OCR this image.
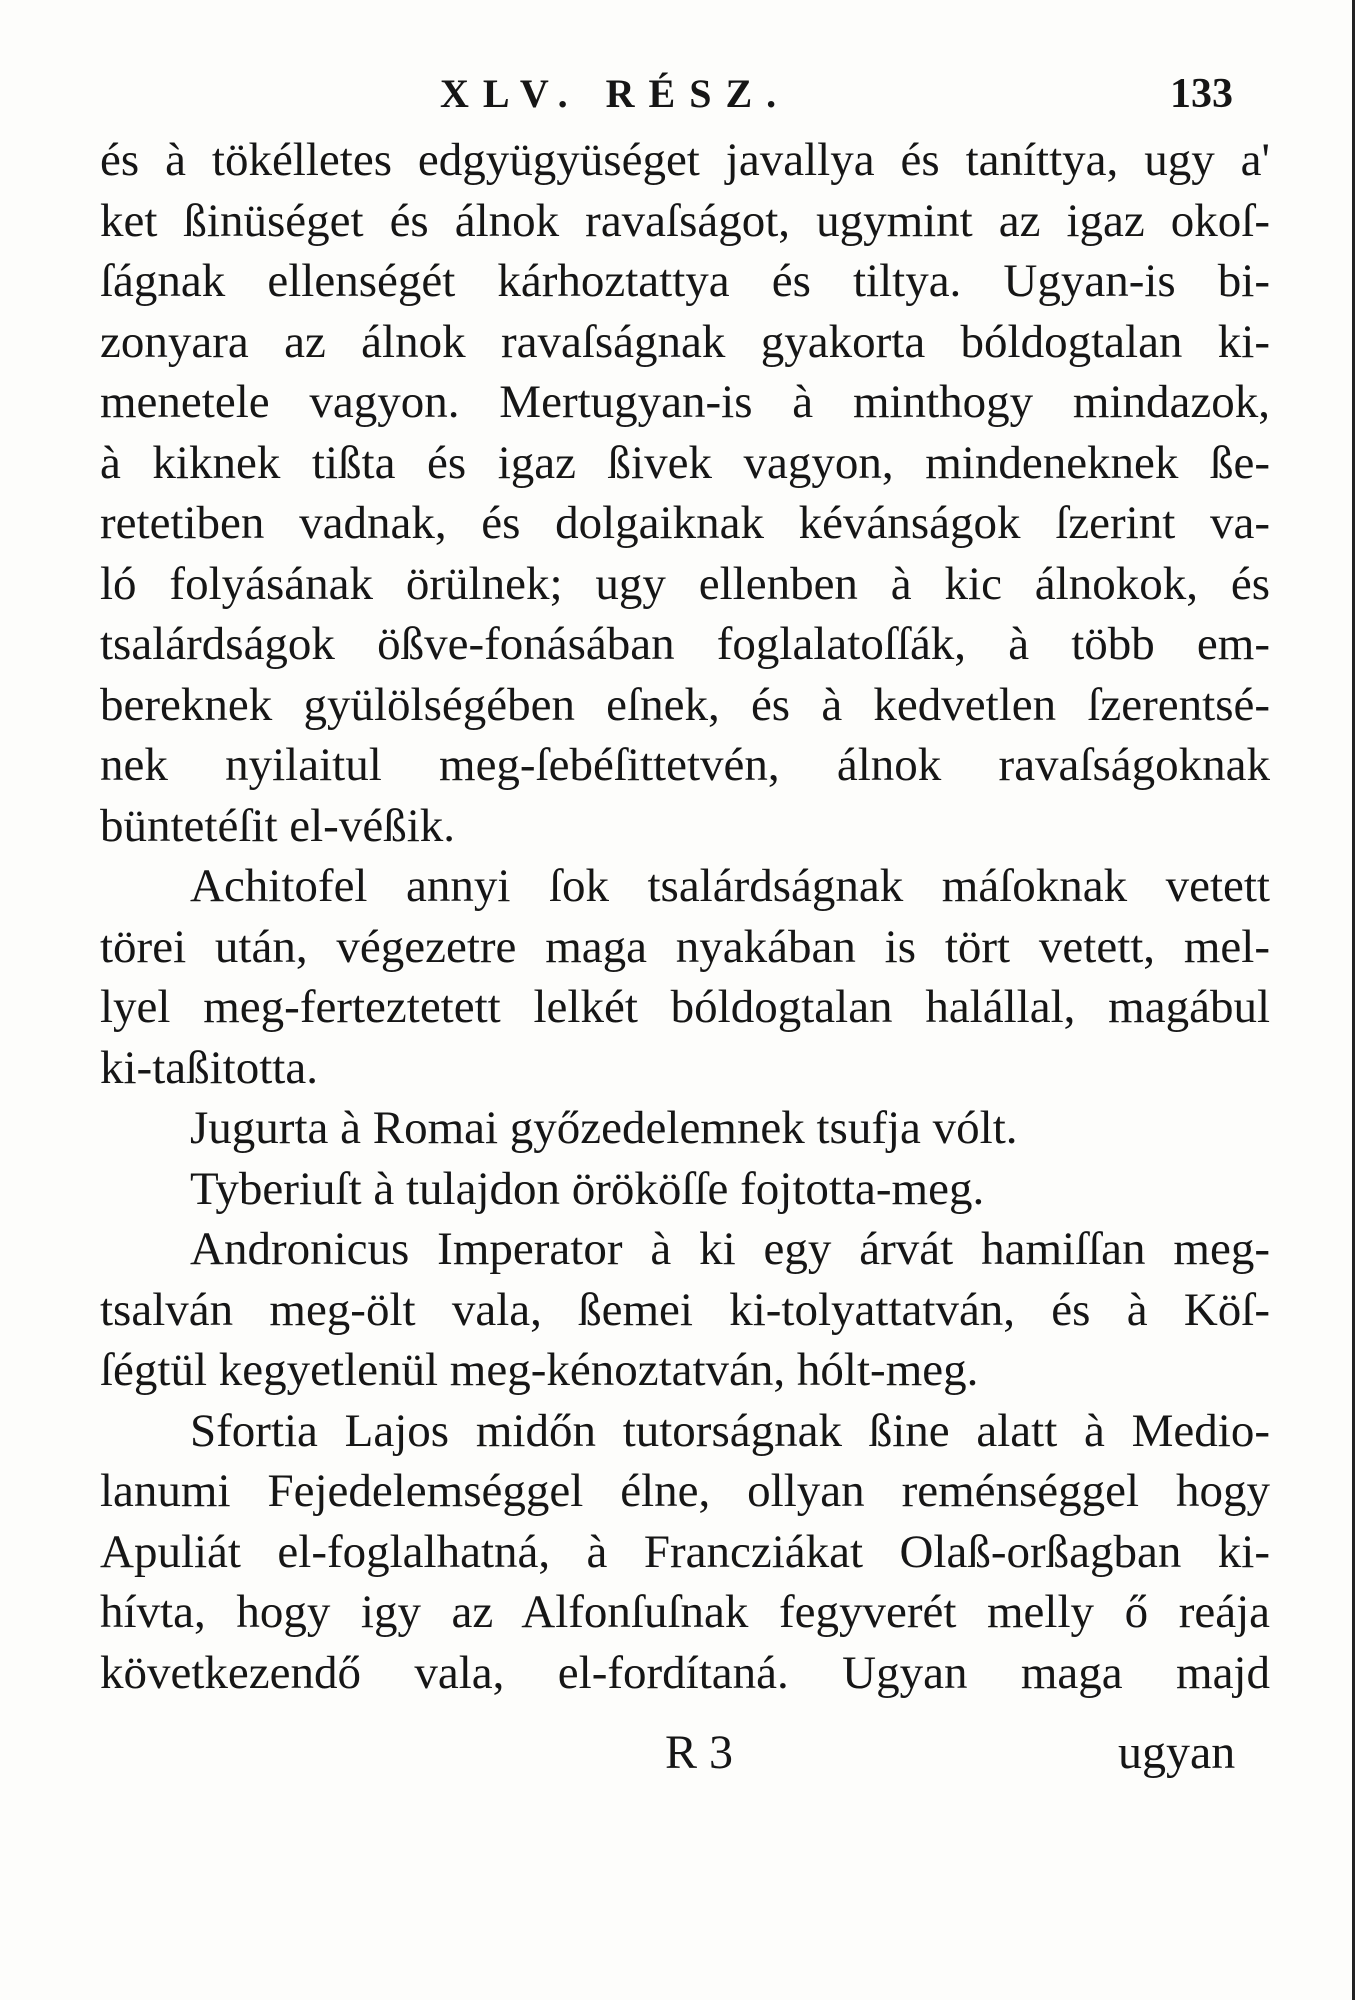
XLV. RÉSZ.	133
és à tökélletes edgyügyüséget javallya és taníttya, ugy a'
ket ßinüséget és álnok ravaſságot, ugymint az igaz okoſ-
ſágnak ellenségét kárhoztattya és tiltya. Ugyan-is bi-
zonyara az álnok ravaſságnak gyakorta bóldogtalan ki-
menetele vagyon. Mertugyan-is à minthogy mindazok,
à kiknek tißta és igaz ßivek vagyon, mindeneknek ße-
retetiben vadnak, és dolgaiknak kévánságok ſzerint va-
ló folyásának örülnek; ugy ellenben à kic álnokok, és
tsalárdságok ößve-fonásában foglalatoſſák, à több em-
bereknek gyülölségében eſnek, és à kedvetlen ſzerentsé-
nek nyilaitul meg-ſebéſittetvén, álnok ravaſságoknak
büntetéſit el-véßik.
Achitofel annyi ſok tsalárdságnak máſoknak vetett
törei után, végezetre maga nyakában is tört vetett, mel-
lyel meg-ferteztetett lelkét bóldogtalan halállal, magábul
ki-taßitotta.
Jugurta à Romai győzedelemnek tsufja vólt.
Tyberiuſt à tulajdon örököſſe fojtotta-meg.
Andronicus Imperator à ki egy árvát hamiſſan meg-
tsalván meg-ölt vala, ßemei ki-tolyattatván, és à Köſ-
ſégtül kegyetlenül meg-kénoztatván, hólt-meg.
Sfortia Lajos midőn tutorságnak ßine alatt à Medio-
lanumi Fejedelemséggel élne, ollyan reménséggel hogy
Apuliát el-foglalhatná, à Francziákat Olaß-orßagban ki-
hívta, hogy igy az Alfonſuſnak fegyverét melly ő reája
következendő vala, el-fordítaná. Ugyan maga majd
R 3	ugyan
